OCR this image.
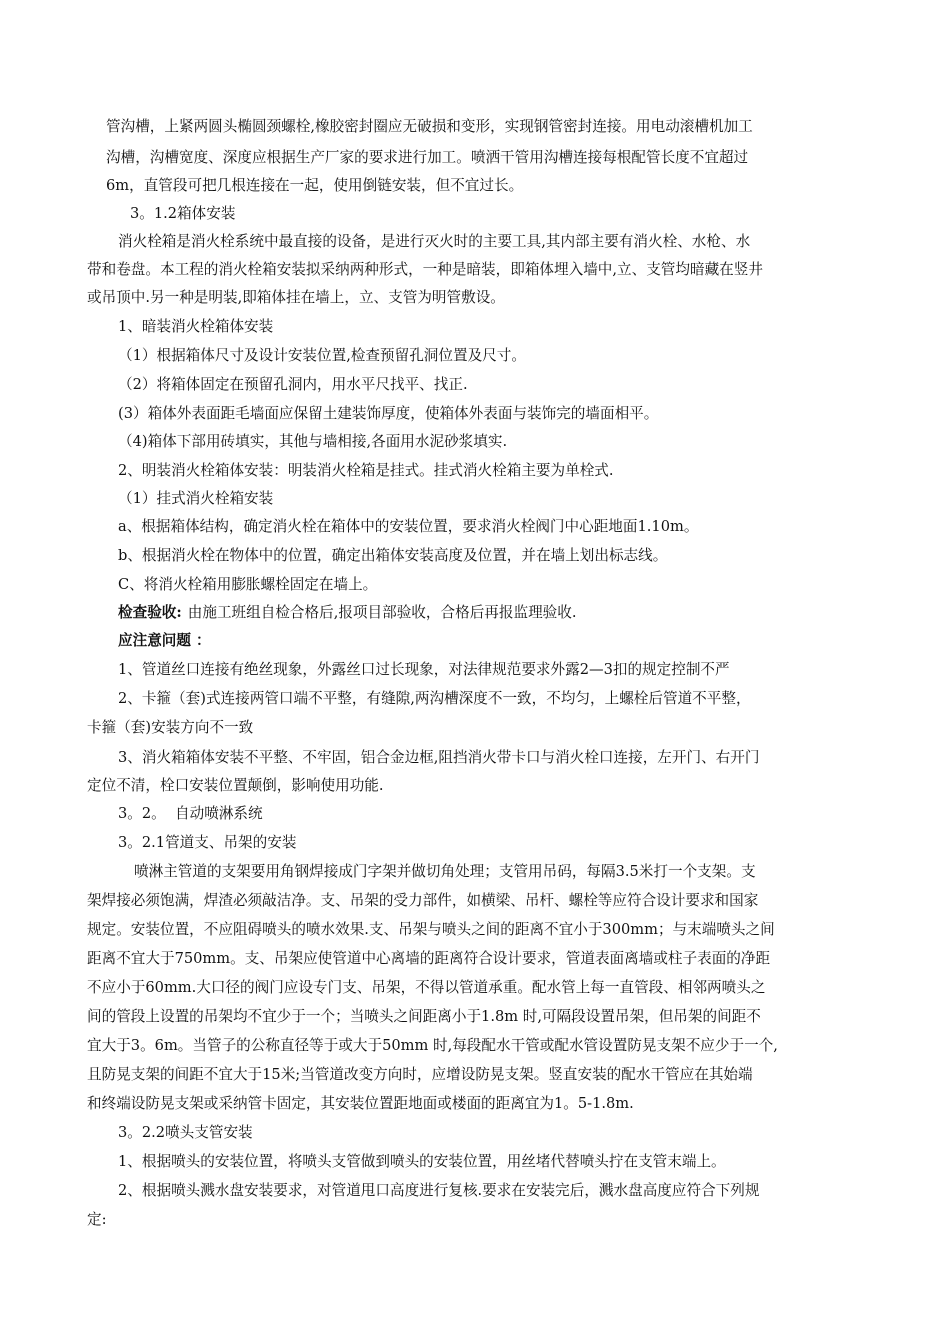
管沟槽，上紧两圆头椭圆颈螺栓,橡胶密封圈应无破损和变形，实现钢管密封连接。用电动滚槽机加工
沟槽，沟槽宽度、深度应根据生产厂家的要求进行加工。喷洒干管用沟槽连接每根配管长度不宜超过
6m，直管段可把几根连接在一起，使用倒链安装，但不宜过长。
3。1.2箱体安装
消火栓箱是消火栓系统中最直接的设备，是进行灭火时的主要工具,其内部主要有消火栓、水枪、水
带和卷盘。本工程的消火栓箱安装拟采纳两种形式，一种是暗装，即箱体埋入墙中,立、支管均暗藏在竖井
或吊顶中.另一种是明装,即箱体挂在墙上，立、支管为明管敷设。
1、暗装消火栓箱体安装
（1）根据箱体尺寸及设计安装位置,检查预留孔洞位置及尺寸。
（2）将箱体固定在预留孔洞内，用水平尺找平、找正.
(3）箱体外表面距毛墙面应保留土建装饰厚度，使箱体外表面与装饰完的墙面相平。
（4)箱体下部用砖填实，其他与墙相接,各面用水泥砂浆填实.
2、明装消火栓箱体安装：明装消火栓箱是挂式。挂式消火栓箱主要为单栓式.
（1）挂式消火栓箱安装
a、根据箱体结构，确定消火栓在箱体中的安装位置，要求消火栓阀门中心距地面1.10m。
b、根据消火栓在物体中的位置，确定出箱体安装高度及位置，并在墙上划出标志线。
C、将消火栓箱用膨胀螺栓固定在墙上。
检查验收: 由施工班组自检合格后,报项目部验收，合格后再报监理验收.
应注意问题 ：
1、管道丝口连接有绝丝现象，外露丝口过长现象，对法律规范要求外露2—3扣的规定控制不严
2、卡箍（套)式连接两管口端不平整，有缝隙,两沟槽深度不一致，不均匀，上螺栓后管道不平整，
卡箍（套)安装方向不一致
3、消火箱箱体安装不平整、不牢固，铝合金边框,阻挡消火带卡口与消火栓口连接，左开门、右开门
定位不清，栓口安装位置颠倒，影响使用功能.
3。2。  自动喷淋系统
3。2.1管道支、吊架的安装
喷淋主管道的支架要用角钢焊接成门字架并做切角处理；支管用吊码，每隔3.5米打一个支架。支
架焊接必须饱满，焊渣必须敲洁净。支、吊架的受力部件，如横梁、吊杆、螺栓等应符合设计要求和国家
规定。安装位置，不应阻碍喷头的喷水效果.支、吊架与喷头之间的距离不宜小于300mm；与末端喷头之间
距离不宜大于750mm。支、吊架应使管道中心离墙的距离符合设计要求，管道表面离墙或柱子表面的净距
不应小于60mm.大口径的阀门应设专门支、吊架，不得以管道承重。配水管上每一直管段、相邻两喷头之
间的管段上设置的吊架均不宜少于一个；当喷头之间距离小于1.8m 时,可隔段设置吊架，但吊架的间距不
宜大于3。6m。当管子的公称直径等于或大于50mm 时,每段配水干管或配水管设置防晃支架不应少于一个,
且防晃支架的间距不宜大于15米;当管道改变方向时，应增设防晃支架。竖直安装的配水干管应在其始端
和终端设防晃支架或采纳管卡固定，其安装位置距地面或楼面的距离宜为1。5-1.8m.
3。2.2喷头支管安装
1、根据喷头的安装位置，将喷头支管做到喷头的安装位置，用丝堵代替喷头拧在支管末端上。
2、根据喷头溅水盘安装要求，对管道甩口高度进行复核.要求在安装完后，溅水盘高度应符合下列规
定:
